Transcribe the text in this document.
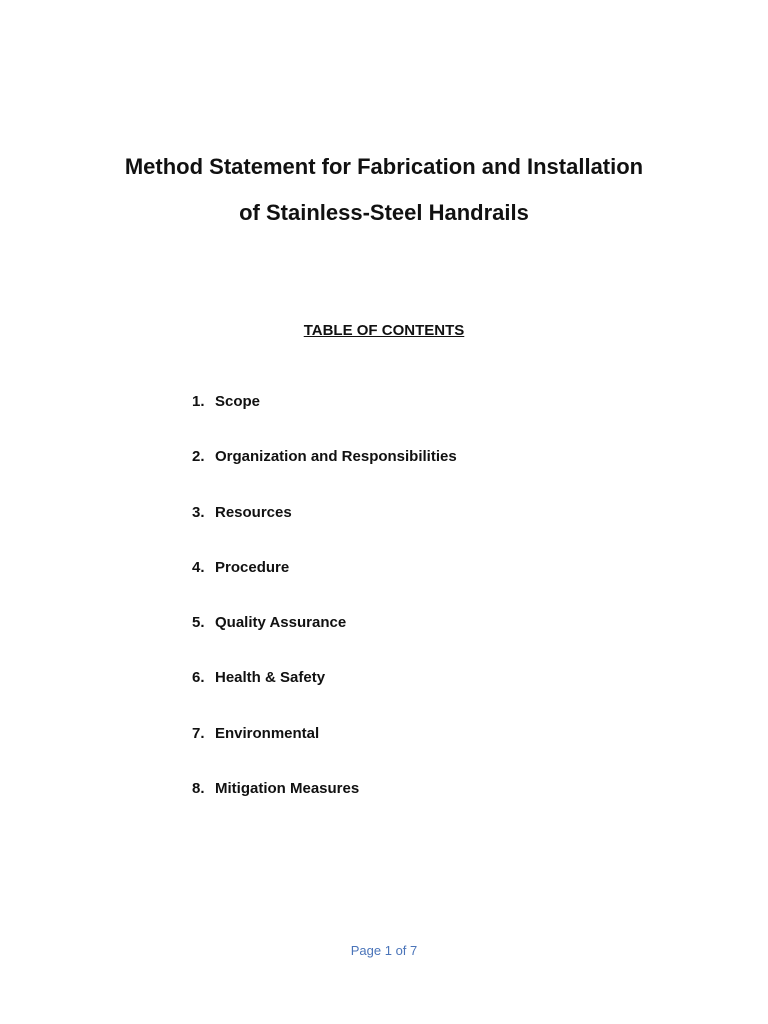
Method Statement for Fabrication and Installation
of Stainless-Steel Handrails
TABLE OF CONTENTS
1. Scope
2. Organization and Responsibilities
3. Resources
4. Procedure
5. Quality Assurance
6. Health & Safety
7. Environmental
8. Mitigation Measures
Page 1 of 7
